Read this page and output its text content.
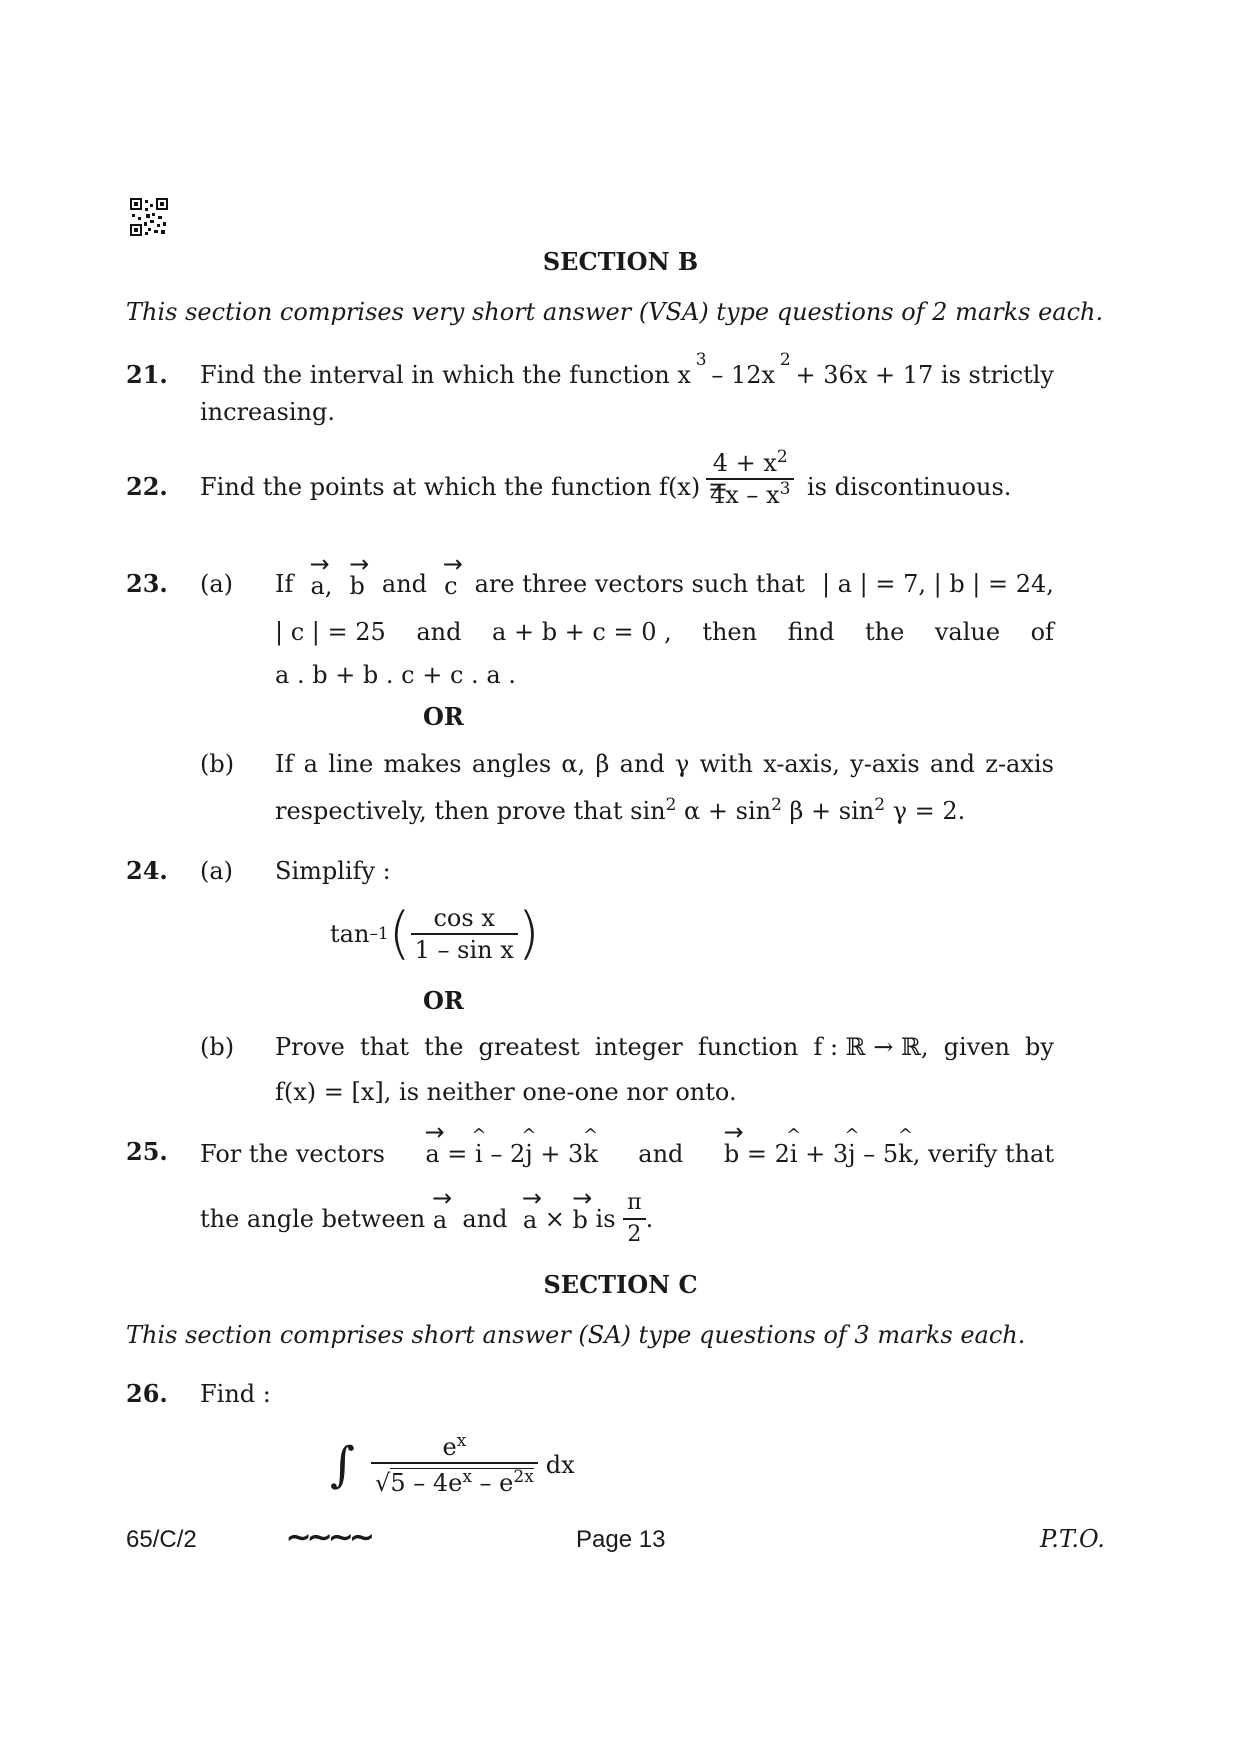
SECTION B
This section comprises very short answer (VSA) type questions of 2 marks each.
21. Find the interval in which the function x
3
– 12x
2
+ 36x + 17 is strictly
increasing.
22. Find the points at which the function f(x) =
$\frac{4 + x^2}{4x - x^3}$ is discontinuous.
23. (a) If → a, → b and → c are three vectors such that | a | = 7, | b | = 24,
| c | = 25 and a + b + c = 0 , then find the value of
a . b + b . c + c . a .
OR
(b) If a line makes angles α, β and γ with x-axis, y-axis and z-axis
respectively, then prove that $\sin^2 \alpha + \sin^2 \beta + \sin^2 \gamma = 2$.
24. (a) Simplify :
tan –1 ( $\frac{\text{cos x}}{\text{1 – sin x}}$ )
OR
(b) Prove that the greatest integer function f : ℝ → ℝ, given by
f(x) = [x], is neither one-one nor onto.
25. For the vectors → a = ^ i – 2^ j + 3^ k and → b = 2^ i + 3^ j – 5^ k, verify that
the angle between
→ a
and
→ a × → b
is
$\frac{\pi}{2}$ .
SECTION C
This section comprises short answer (SA) type questions of 3 marks each.
26. Find :
∫ $\frac{e^x}{√5 - 4e^x - e^{2x}}$ dx
65/C/2	∼∼∼∼	Page 13	P.T.O.
